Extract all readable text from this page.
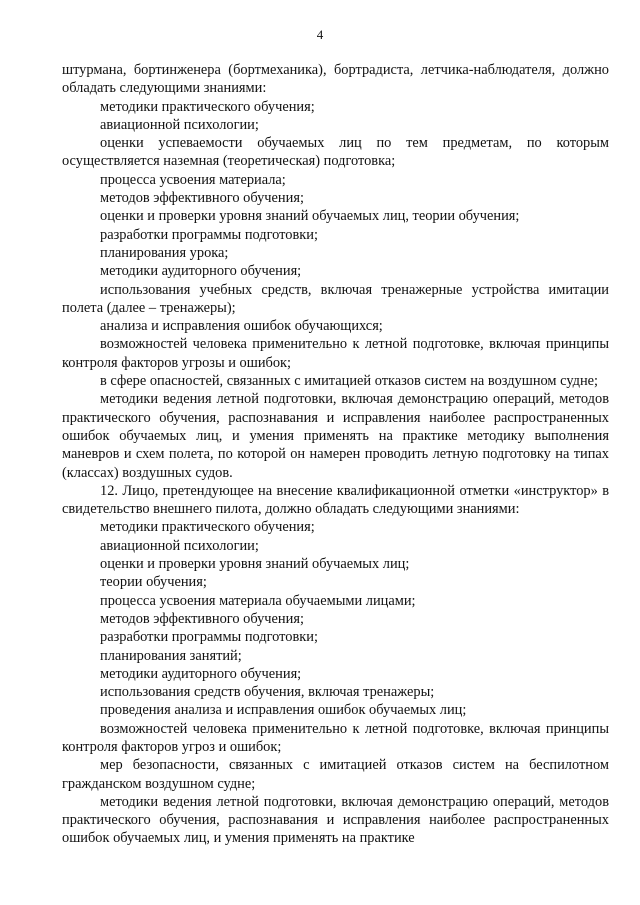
4

штурмана, бортинженера (бортмеханика), бортрадиста, летчика-наблюдателя, должно обладать следующими знаниями:

методики практического обучения;

авиационной психологии;

оценки успеваемости обучаемых лиц по тем предметам, по которым осуществляется наземная (теоретическая) подготовка;

процесса усвоения материала;

методов эффективного обучения;

оценки и проверки уровня знаний обучаемых лиц, теории обучения;

разработки программы подготовки;

планирования урока;

методики аудиторного обучения;

использования учебных средств, включая тренажерные устройства имитации полета (далее – тренажеры);

анализа и исправления ошибок обучающихся;

возможностей человека применительно к летной подготовке, включая принципы контроля факторов угрозы и ошибок;

в сфере опасностей, связанных с имитацией отказов систем на воздушном судне;

методики ведения летной подготовки, включая демонстрацию операций, методов практического обучения, распознавания и исправления наиболее распространенных ошибок обучаемых лиц, и умения применять на практике методику выполнения маневров и схем полета, по которой он намерен проводить летную подготовку на типах (классах) воздушных судов.

12. Лицо, претендующее на внесение квалификационной отметки «инструктор» в свидетельство внешнего пилота, должно обладать следующими знаниями:

методики практического обучения;

авиационной психологии;

оценки и проверки уровня знаний обучаемых лиц;

теории обучения;

процесса усвоения материала обучаемыми лицами;

методов эффективного обучения;

разработки программы подготовки;

планирования занятий;

методики аудиторного обучения;

использования средств обучения, включая тренажеры;

проведения анализа и исправления ошибок обучаемых лиц;

возможностей человека применительно к летной подготовке, включая принципы контроля факторов угроз и ошибок;

мер безопасности, связанных с имитацией отказов систем на беспилотном гражданском воздушном судне;

методики ведения летной подготовки, включая демонстрацию операций, методов практического обучения, распознавания и исправления наиболее распространенных ошибок обучаемых лиц, и умения применять на практике
